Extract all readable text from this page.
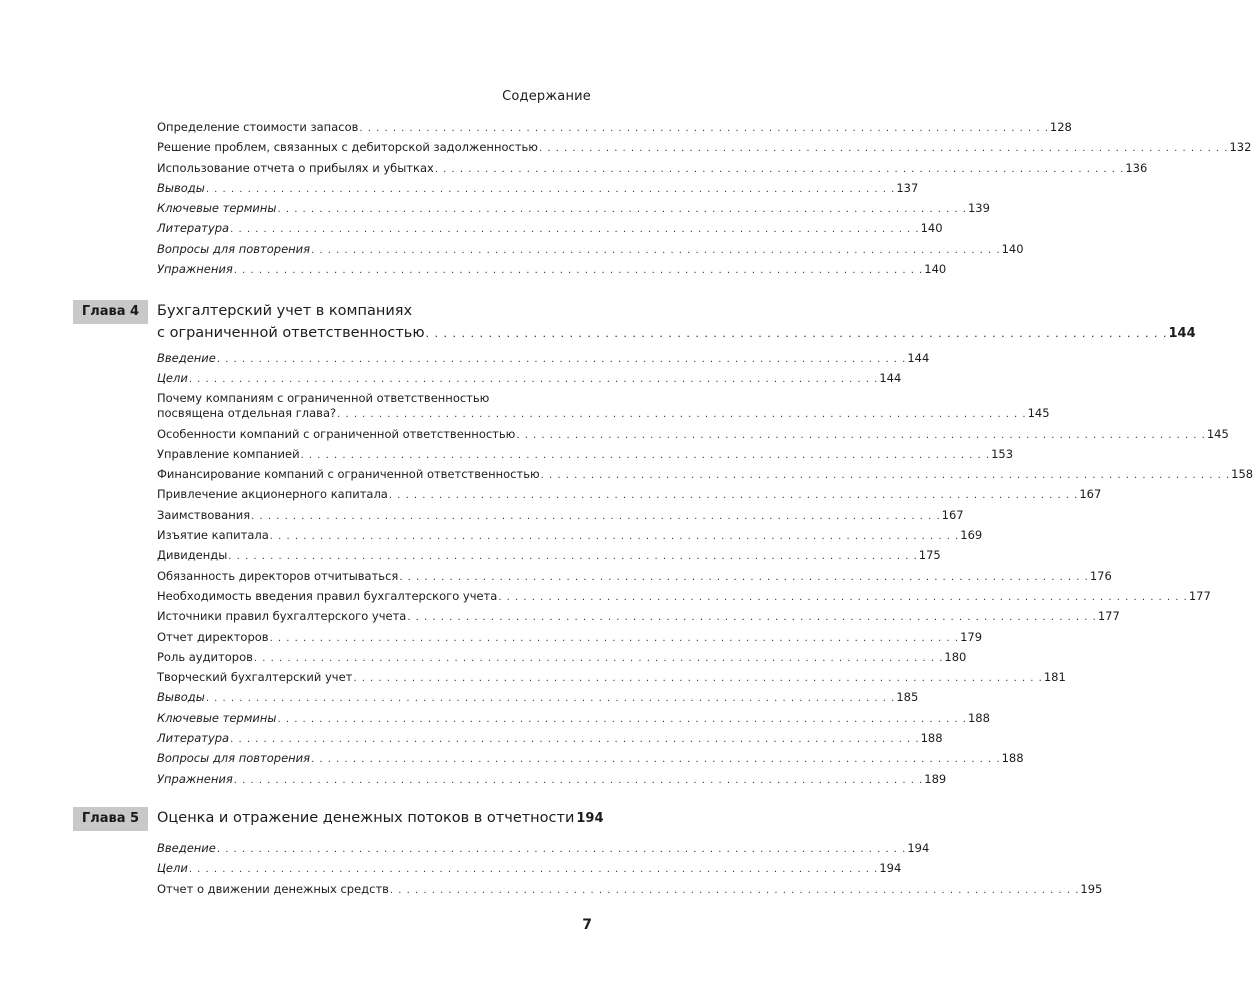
Содержание
Определение стоимости запасов . . . . . . . . . . . . . . . . . . . . . . . . . . . . . . . . . . . . . . . . . . . . . . . . . . . . . . . . . . . . . . . . . . . . . . . . . . . . . . . . . . . 128
Решение проблем, связанных с дебиторской задолженностью . . . . . . . . . . . . . . . . . . . . . . . . . . . . . . . . . . . . . . . . . . . . . . . . . . . . . . . . . . . . . . . . . . . . . . . . . . . . . . . . . . . 132
Использование отчета о прибылях и убытках . . . . . . . . . . . . . . . . . . . . . . . . . . . . . . . . . . . . . . . . . . . . . . . . . . . . . . . . . . . . . . . . . . . . . . . . . . . . . . . . . . . 136
Выводы . . . . . . . . . . . . . . . . . . . . . . . . . . . . . . . . . . . . . . . . . . . . . . . . . . . . . . . . . . . . . . . . . . . . . . . . . . . . . . . . . . . 137
Ключевые термины . . . . . . . . . . . . . . . . . . . . . . . . . . . . . . . . . . . . . . . . . . . . . . . . . . . . . . . . . . . . . . . . . . . . . . . . . . . . . . . . . . . 139
Литература . . . . . . . . . . . . . . . . . . . . . . . . . . . . . . . . . . . . . . . . . . . . . . . . . . . . . . . . . . . . . . . . . . . . . . . . . . . . . . . . . . . 140
Вопросы для повторения . . . . . . . . . . . . . . . . . . . . . . . . . . . . . . . . . . . . . . . . . . . . . . . . . . . . . . . . . . . . . . . . . . . . . . . . . . . . . . . . . . . 140
Упражнения . . . . . . . . . . . . . . . . . . . . . . . . . . . . . . . . . . . . . . . . . . . . . . . . . . . . . . . . . . . . . . . . . . . . . . . . . . . . . . . . . . . 140
Глава 4	Бухгалтерский учет в компаниях
с ограниченной ответственностью . . . . . . . . . . . . . . . . . . . . . . . . . . . . . . . . . . . . . . . . . . . . . . . . . . . . . . . . . . . . . . . . . . . . . . . . . . . . . . . . . . . 144
Введение . . . . . . . . . . . . . . . . . . . . . . . . . . . . . . . . . . . . . . . . . . . . . . . . . . . . . . . . . . . . . . . . . . . . . . . . . . . . . . . . . . . 144
Цели . . . . . . . . . . . . . . . . . . . . . . . . . . . . . . . . . . . . . . . . . . . . . . . . . . . . . . . . . . . . . . . . . . . . . . . . . . . . . . . . . . . 144
Почему компаниям с ограниченной ответственностью
посвящена отдельная глава? . . . . . . . . . . . . . . . . . . . . . . . . . . . . . . . . . . . . . . . . . . . . . . . . . . . . . . . . . . . . . . . . . . . . . . . . . . . . . . . . . . . 145
Особенности компаний с ограниченной ответственностью . . . . . . . . . . . . . . . . . . . . . . . . . . . . . . . . . . . . . . . . . . . . . . . . . . . . . . . . . . . . . . . . . . . . . . . . . . . . . . . . . . . 145
Управление компанией . . . . . . . . . . . . . . . . . . . . . . . . . . . . . . . . . . . . . . . . . . . . . . . . . . . . . . . . . . . . . . . . . . . . . . . . . . . . . . . . . . . 153
Финансирование компаний с ограниченной ответственностью . . . . . . . . . . . . . . . . . . . . . . . . . . . . . . . . . . . . . . . . . . . . . . . . . . . . . . . . . . . . . . . . . . . . . . . . . . . . . . . . . . . 158
Привлечение акционерного капитала . . . . . . . . . . . . . . . . . . . . . . . . . . . . . . . . . . . . . . . . . . . . . . . . . . . . . . . . . . . . . . . . . . . . . . . . . . . . . . . . . . . 167
Заимствования . . . . . . . . . . . . . . . . . . . . . . . . . . . . . . . . . . . . . . . . . . . . . . . . . . . . . . . . . . . . . . . . . . . . . . . . . . . . . . . . . . . 167
Изъятие капитала . . . . . . . . . . . . . . . . . . . . . . . . . . . . . . . . . . . . . . . . . . . . . . . . . . . . . . . . . . . . . . . . . . . . . . . . . . . . . . . . . . . 169
Дивиденды . . . . . . . . . . . . . . . . . . . . . . . . . . . . . . . . . . . . . . . . . . . . . . . . . . . . . . . . . . . . . . . . . . . . . . . . . . . . . . . . . . . 175
Обязанность директоров отчитываться . . . . . . . . . . . . . . . . . . . . . . . . . . . . . . . . . . . . . . . . . . . . . . . . . . . . . . . . . . . . . . . . . . . . . . . . . . . . . . . . . . . 176
Необходимость введения правил бухгалтерского учета . . . . . . . . . . . . . . . . . . . . . . . . . . . . . . . . . . . . . . . . . . . . . . . . . . . . . . . . . . . . . . . . . . . . . . . . . . . . . . . . . . . 177
Источники правил бухгалтерского учета . . . . . . . . . . . . . . . . . . . . . . . . . . . . . . . . . . . . . . . . . . . . . . . . . . . . . . . . . . . . . . . . . . . . . . . . . . . . . . . . . . . 177
Отчет директоров . . . . . . . . . . . . . . . . . . . . . . . . . . . . . . . . . . . . . . . . . . . . . . . . . . . . . . . . . . . . . . . . . . . . . . . . . . . . . . . . . . . 179
Роль аудиторов . . . . . . . . . . . . . . . . . . . . . . . . . . . . . . . . . . . . . . . . . . . . . . . . . . . . . . . . . . . . . . . . . . . . . . . . . . . . . . . . . . . 180
Творческий бухгалтерский учет . . . . . . . . . . . . . . . . . . . . . . . . . . . . . . . . . . . . . . . . . . . . . . . . . . . . . . . . . . . . . . . . . . . . . . . . . . . . . . . . . . . 181
Выводы . . . . . . . . . . . . . . . . . . . . . . . . . . . . . . . . . . . . . . . . . . . . . . . . . . . . . . . . . . . . . . . . . . . . . . . . . . . . . . . . . . . 185
Ключевые термины . . . . . . . . . . . . . . . . . . . . . . . . . . . . . . . . . . . . . . . . . . . . . . . . . . . . . . . . . . . . . . . . . . . . . . . . . . . . . . . . . . . 188
Литература . . . . . . . . . . . . . . . . . . . . . . . . . . . . . . . . . . . . . . . . . . . . . . . . . . . . . . . . . . . . . . . . . . . . . . . . . . . . . . . . . . . 188
Вопросы для повторения . . . . . . . . . . . . . . . . . . . . . . . . . . . . . . . . . . . . . . . . . . . . . . . . . . . . . . . . . . . . . . . . . . . . . . . . . . . . . . . . . . . 188
Упражнения . . . . . . . . . . . . . . . . . . . . . . . . . . . . . . . . . . . . . . . . . . . . . . . . . . . . . . . . . . . . . . . . . . . . . . . . . . . . . . . . . . . 189
Глава 5	Оценка и отражение денежных потоков в отчетности 194
Введение . . . . . . . . . . . . . . . . . . . . . . . . . . . . . . . . . . . . . . . . . . . . . . . . . . . . . . . . . . . . . . . . . . . . . . . . . . . . . . . . . . . 194
Цели . . . . . . . . . . . . . . . . . . . . . . . . . . . . . . . . . . . . . . . . . . . . . . . . . . . . . . . . . . . . . . . . . . . . . . . . . . . . . . . . . . . 194
Отчет о движении денежных средств . . . . . . . . . . . . . . . . . . . . . . . . . . . . . . . . . . . . . . . . . . . . . . . . . . . . . . . . . . . . . . . . . . . . . . . . . . . . . . . . . . . 195
7
